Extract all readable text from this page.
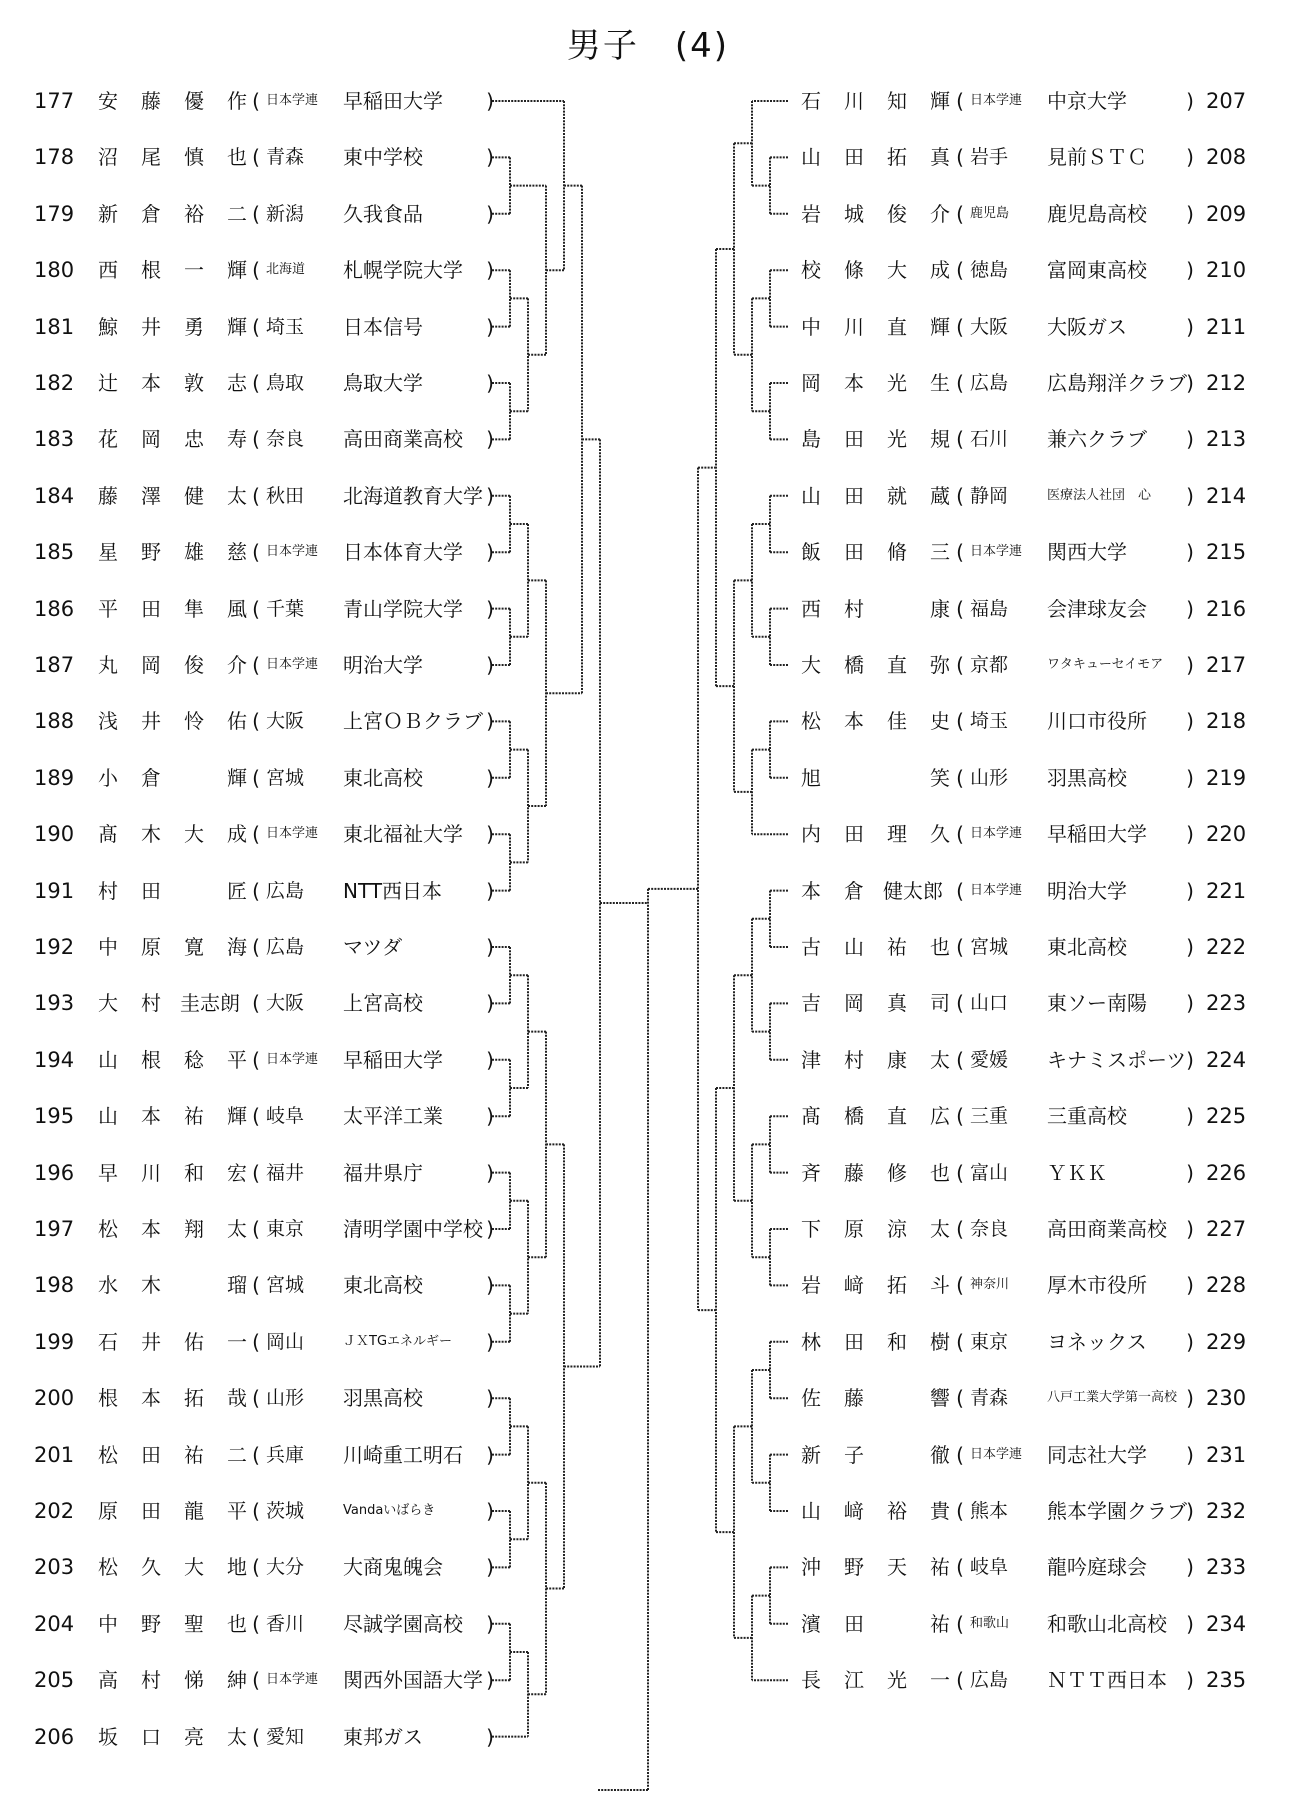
男子　(4)
177 安 藤 優 作 ( 日本学連 早稲田大学 )
178 沼 尾 慎 也 ( 青森 東中学校	)
179 新 倉 裕 二 ( 新潟 久我食品	)
180 西 根 一 輝 ( 北海道 札幌学院大学 )
181 鯨 井 勇 輝 ( 埼玉 日本信号	)
182 辻 本 敦 志 ( 鳥取 鳥取大学	)
183 花 岡 忠 寿 ( 奈良 高田商業高校 )
184 藤 澤 健 太 ( 秋田 北海道教育大学 )
185 星 野 雄 慈 ( 日本学連 日本体育大学 )
186 平 田 隼 風 ( 千葉 青山学院大学 )
187 丸 岡 俊 介 ( 日本学連 明治大学	)
188 浅 井 怜 佑 ( 大阪 上宮ＯＢクラブ )
189 小 倉	輝 ( 宮城 東北高校	)
190 髙 木 大 成 ( 日本学連 東北福祉大学 )
191 村 田	匠 ( 広島 NTT西日本 )
192 中 原 寛 海 ( 広島 マツダ	)
193 大 村 圭志朗 ( 大阪 上宮高校	)
194 山 根 稔 平 ( 日本学連 早稲田大学 )
195 山 本 祐 輝 ( 岐阜 太平洋工業 )
196 早 川 和 宏 ( 福井 福井県庁	)
197 松 本 翔 太 ( 東京 清明学園中学校 )
198 水 木	瑠 ( 宮城 東北高校	)
199 石 井 佑 一 ( 岡山	ＪＸTGエネルギー )
200 根 本 拓 哉 ( 山形 羽黒高校	)
201 松 田 祐 二 ( 兵庫 川崎重工明石 )
202 原 田 龍 平 ( 茨城	Vandaいばらき	)
203 松 久 大 地 ( 大分 大商鬼魄会 )
204 中 野 聖 也 ( 香川 尽誠学園高校 )
205 高 村 悌 紳 ( 日本学連 関西外国語大学 )
206 坂 口 亮 太 ( 愛知 東邦ガス	)
石 川 知 輝 ( 日本学連 中京大学	) 207
山 田 拓 真 ( 岩手 見前ＳＴＣ ) 208
岩 城 俊 介 ( 鹿児島 鹿児島高校 ) 209
校 條 大 成 ( 徳島 富岡東高校 ) 210
中 川 直 輝 ( 大阪 大阪ガス	) 211
岡 本 光 生 ( 広島 広島翔洋クラブ ) 212
島 田 光 規 ( 石川 兼六クラブ ) 213
山 田 就 蔵 ( 静岡	医療法人社団　心 ) 214
飯 田 脩 三 ( 日本学連 関西大学	) 215
西 村	康 ( 福島 会津球友会 ) 216
大 橋 直 弥 ( 京都	ワタキューセイモア ) 217
松 本 佳 史 ( 埼玉 川口市役所 ) 218
旭	笑 ( 山形 羽黒高校	) 219
内 田 理 久 ( 日本学連 早稲田大学 ) 220
本 倉 健太郎 ( 日本学連 明治大学	) 221
古 山 祐 也 ( 宮城 東北高校	) 222
吉 岡 真 司 ( 山口 東ソー南陽 ) 223
津 村 康 太 ( 愛媛 キナミスポーツ ) 224
髙 橋 直 広 ( 三重 三重高校	) 225
斉 藤 修 也 ( 富山 ＹＫＫ	) 226
下 原 涼 太 ( 奈良 高田商業高校 ) 227
岩 﨑 拓 斗 ( 神奈川 厚木市役所 ) 228
林 田 和 樹 ( 東京 ヨネックス ) 229
佐 藤	響 ( 青森	八戸工業大学第一高校 ) 230
新 子	徹 ( 日本学連 同志社大学 ) 231
山 﨑 裕 貴 ( 熊本 熊本学園クラブ ) 232
沖 野 天 祐 ( 岐阜 龍吟庭球会 ) 233
濱 田	祐 ( 和歌山 和歌山北高校 ) 234
長 江 光 一 ( 広島 ＮＴＴ西日本 ) 235
